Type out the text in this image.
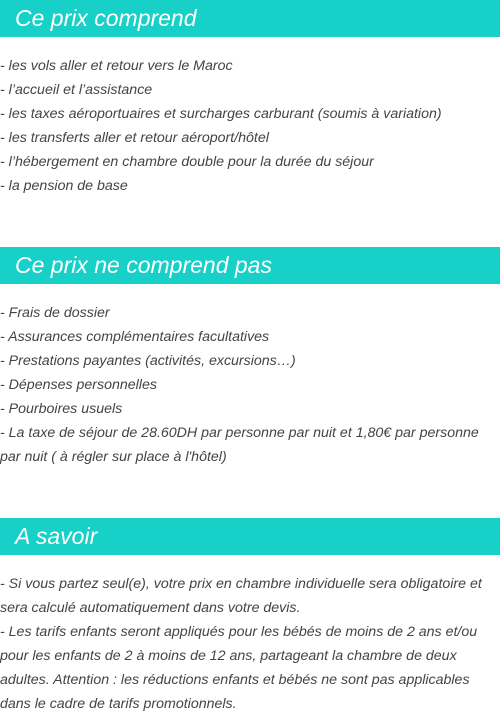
Ce prix comprend
- les vols aller et retour vers le Maroc
- l’accueil et l’assistance
- les taxes aéroportuaires et surcharges carburant (soumis à variation)
- les transferts aller et retour aéroport/hôtel
- l’hébergement en chambre double pour la durée du séjour
- la pension de base
Ce prix ne comprend pas
- Frais de dossier
- Assurances complémentaires facultatives
- Prestations payantes (activités, excursions…)
- Dépenses personnelles
- Pourboires usuels
- La taxe de séjour de 28.60DH par personne par nuit et 1,80€ par personne par nuit ( à régler sur place à l'hôtel)
A savoir
- Si vous partez seul(e), votre prix en chambre individuelle sera obligatoire et sera calculé automatiquement dans votre devis.
- Les tarifs enfants seront appliqués pour les bébés de moins de 2 ans et/ou pour les enfants de 2 à moins de 12 ans, partageant la chambre de deux adultes. Attention : les réductions enfants et bébés ne sont pas applicables dans le cadre de tarifs promotionnels.
